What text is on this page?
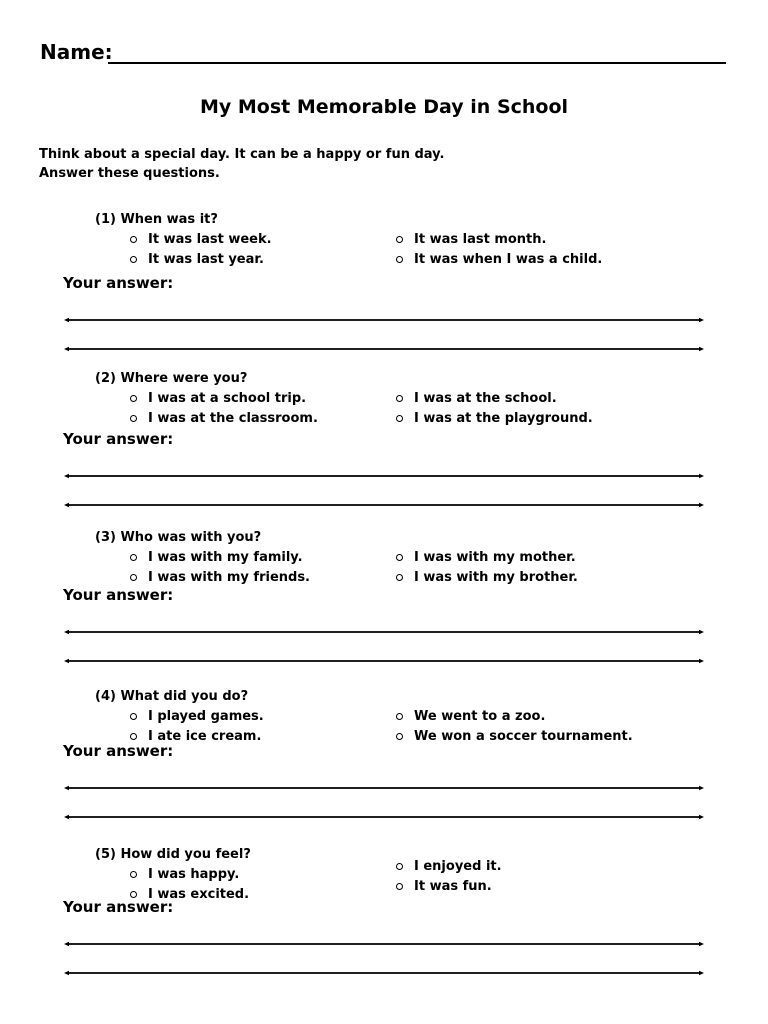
Name:
My Most Memorable Day in School
Think about a special day. It can be a happy or fun day.
Answer these questions.
(1) When was it?
It was last week.
It was last year.
It was last month.
It was when I was a child.
Your answer:
(2) Where were you?
I was at a school trip.
I was at the classroom.
I was at the school.
I was at the playground.
Your answer:
(3) Who was with you?
I was with my family.
I was with my friends.
I was with my mother.
I was with my brother.
Your answer:
(4) What did you do?
I played games.
I ate ice cream.
We went to a zoo.
We won a soccer tournament.
Your answer:
(5) How did you feel?
I was happy.
I was excited.
I enjoyed it.
It was fun.
Your answer:
